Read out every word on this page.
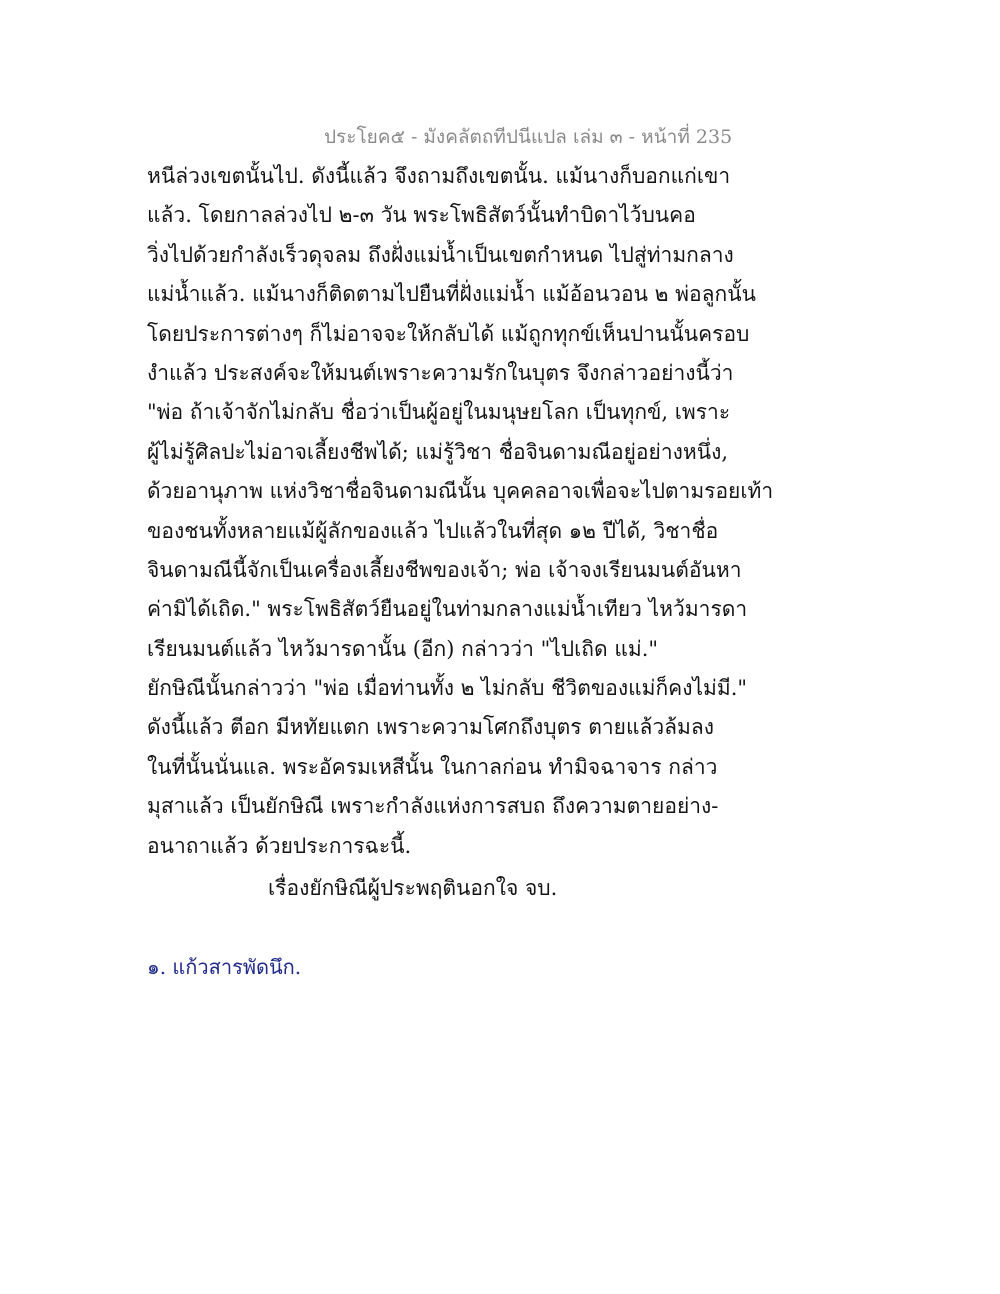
ประโยค๕ - มังคลัตถทีปนีแปล เล่ม ๓ - หน้าที่ 235
หนีล่วงเขตนั้นไป. ดังนี้แล้ว จึงถามถึงเขตนั้น. แม้นางก็บอกแก่เขา
แล้ว. โดยกาลล่วงไป ๒-๓ วัน พระโพธิสัตว์นั้นทำบิดาไว้บนคอ
วิ่งไปด้วยกำลังเร็วดุจลม ถึงฝั่งแม่น้ำเป็นเขตกำหนด ไปสู่ท่ามกลาง
แม่น้ำแล้ว. แม้นางก็ติดตามไปยืนที่ฝั่งแม่น้ำ แม้อ้อนวอน ๒ พ่อลูกนั้น
โดยประการต่างๆ ก็ไม่อาจจะให้กลับได้ แม้ถูกทุกข์เห็นปานนั้นครอบ
งำแล้ว ประสงค์จะให้มนต์เพราะความรักในบุตร จึงกล่าวอย่างนี้ว่า
"พ่อ ถ้าเจ้าจักไม่กลับ ชื่อว่าเป็นผู้อยู่ในมนุษยโลก เป็นทุกข์, เพราะ
ผู้ไม่รู้ศิลปะไม่อาจเลี้ยงชีพได้; แม่รู้วิชา ชื่อจินดามณีอยู่อย่างหนึ่ง,
ด้วยอานุภาพ แห่งวิชาชื่อจินดามณีนั้น บุคคลอาจเพื่อจะไปตามรอยเท้า
ของชนทั้งหลายแม้ผู้ลักของแล้ว ไปแล้วในที่สุด ๑๒ ปีได้, วิชาชื่อ
จินดามณีนี้จักเป็นเครื่องเลี้ยงชีพของเจ้า; พ่อ เจ้าจงเรียนมนต์อันหา
ค่ามิได้เถิด." พระโพธิสัตว์ยืนอยู่ในท่ามกลางแม่น้ำเทียว ไหว้มารดา
เรียนมนต์แล้ว ไหว้มารดานั้น (อีก) กล่าวว่า "ไปเถิด แม่."
ยักษิณีนั้นกล่าวว่า "พ่อ เมื่อท่านทั้ง ๒ ไม่กลับ ชีวิตของแม่ก็คงไม่มี."
ดังนี้แล้ว ตีอก มีหทัยแตก เพราะความโศกถึงบุตร ตายแล้วล้มลง
ในที่นั้นนั่นแล. พระอัครมเหสีนั้น ในกาลก่อน ทำมิจฉาจาร กล่าว
มุสาแล้ว เป็นยักษิณี เพราะกำลังแห่งการสบถ ถึงความตายอย่าง-
อนาถาแล้ว ด้วยประการฉะนี้.
เรื่องยักษิณีผู้ประพฤตินอกใจ จบ.
๑. แก้วสารพัดนึก.
